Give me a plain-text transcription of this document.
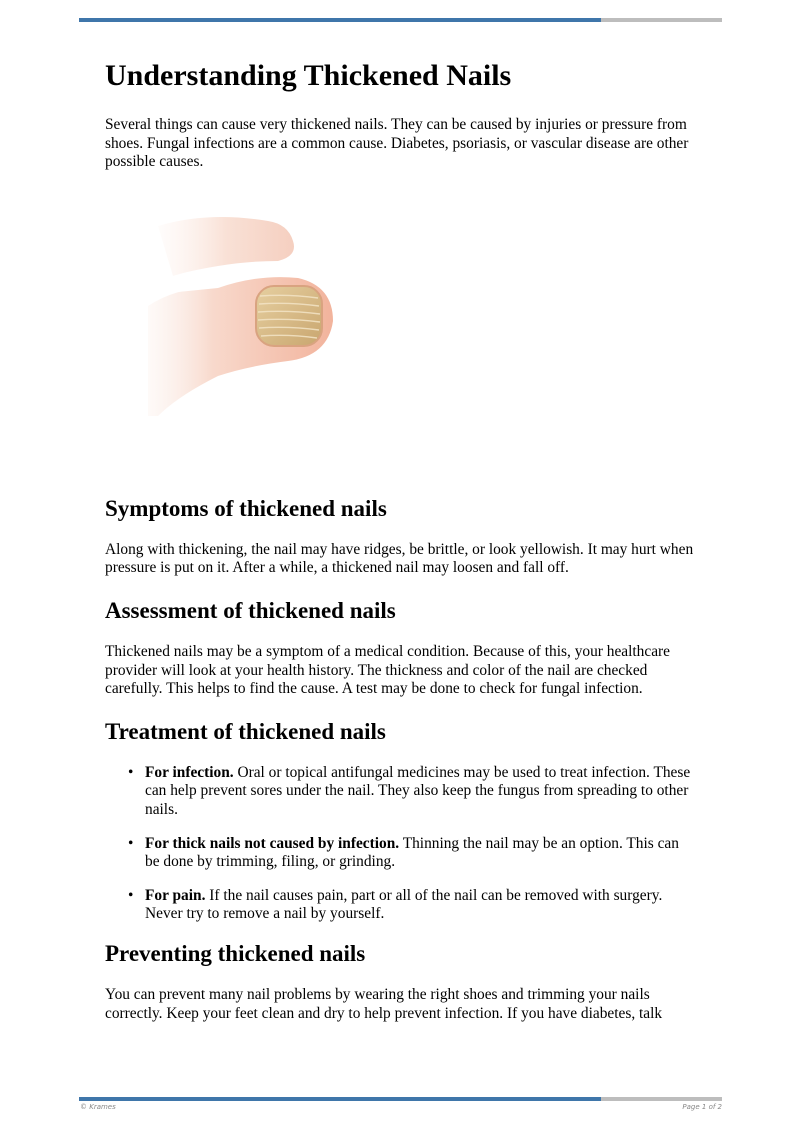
Understanding Thickened Nails

Several things can cause very thickened nails. They can be caused by injuries or pressure from shoes. Fungal infections are a common cause. Diabetes, psoriasis, or vascular disease are other possible causes.

Symptoms of thickened nails

Along with thickening, the nail may have ridges, be brittle, or look yellowish. It may hurt when pressure is put on it. After a while, a thickened nail may loosen and fall off.

Assessment of thickened nails

Thickened nails may be a symptom of a medical condition. Because of this, your healthcare provider will look at your health history. The thickness and color of the nail are checked carefully. This helps to find the cause. A test may be done to check for fungal infection.

Treatment of thickened nails
• For infection. Oral or topical antifungal medicines may be used to treat infection. These can help prevent sores under the nail. They also keep the fungus from spreading to other nails.
• For thick nails not caused by infection. Thinning the nail may be an option. This can be done by trimming, filing, or grinding.
• For pain. If the nail causes pain, part or all of the nail can be removed with surgery. Never try to remove a nail by yourself.
Preventing thickened nails

You can prevent many nail problems by wearing the right shoes and trimming your nails correctly. Keep your feet clean and dry to help prevent infection. If you have diabetes, talk

© Krames	Page 1 of 2
